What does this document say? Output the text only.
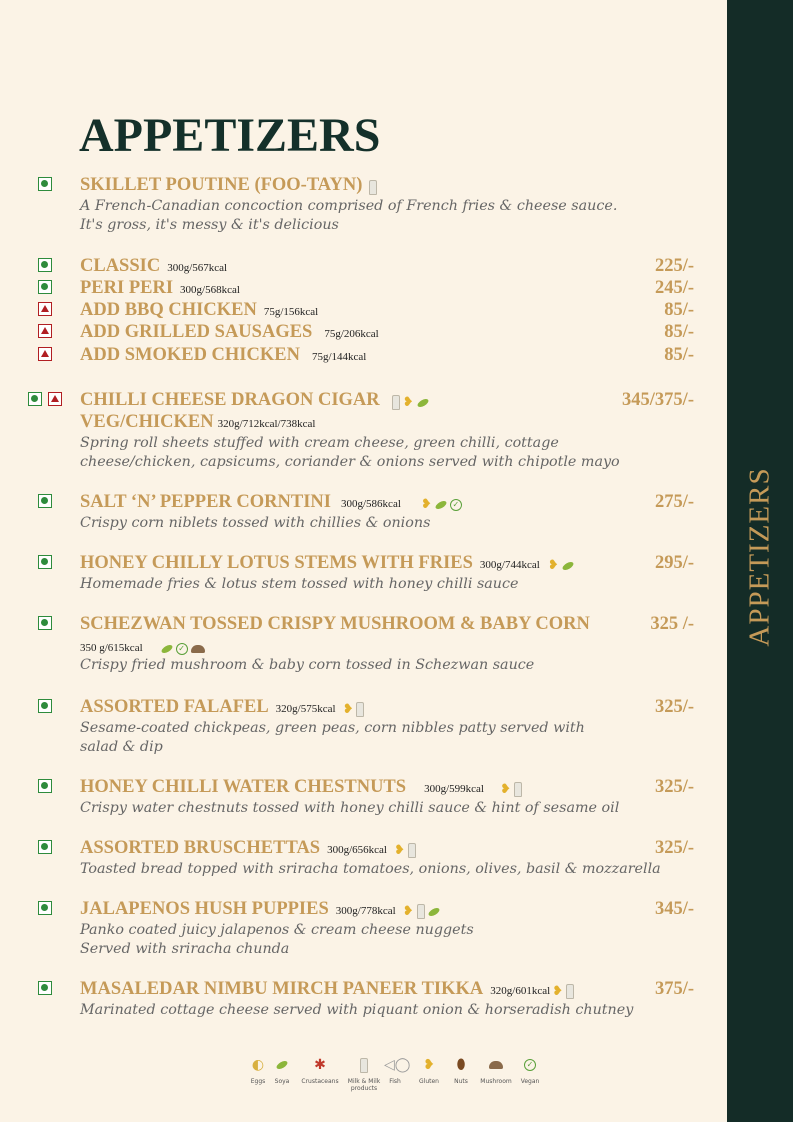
APPETIZERS
APPETIZERS
SKILLET POUTINE (FOO-TAYN)
A French-Canadian concoction comprised of French fries & cheese sauce.
It's gross, it's messy & it's delicious
CLASSIC 300g/567kcal	225/-
PERI PERI 300g/568kcal	245/-
ADD BBQ CHICKEN 75g/156kcal	85/-
ADD GRILLED SAUSAGES 75g/206kcal	85/-
ADD SMOKED CHICKEN 75g/144kcal	85/-
CHILLI CHEESE DRAGON CIGAR ❥	345/375/-
VEG/CHICKEN 320g/712kcal/738kcal
Spring roll sheets stuffed with cream cheese, green chilli, cottage
cheese/chicken, capsicums, coriander & onions served with chipotle mayo
SALT ‘N’ PEPPER CORNTINI 300g/586kcal ❥	✓	275/-
Crispy corn niblets tossed with chillies & onions
HONEY CHILLY LOTUS STEMS WITH FRIES 300g/744kcal ❥	295/-
Homemade fries & lotus stem tossed with honey chilli sauce
SCHEZWAN TOSSED CRISPY MUSHROOM & BABY CORN	325 /-
350 g/615kcal	✓
Crispy fried mushroom & baby corn tossed in Schezwan sauce
ASSORTED FALAFEL 320g/575kcal ❥	325/-
Sesame-coated chickpeas, green peas, corn nibbles patty served with
salad & dip
HONEY CHILLI WATER CHESTNUTS 300g/599kcal ❥	325/-
Crispy water chestnuts tossed with honey chilli sauce & hint of sesame oil
ASSORTED BRUSCHETTAS 300g/656kcal ❥	325/-
Toasted bread topped with sriracha tomatoes, onions, olives, basil & mozzarella
JALAPENOS HUSH PUPPIES 300g/778kcal ❥	345/-
Panko coated juicy jalapenos & cream cheese nuggets
Served with sriracha chunda
MASALEDAR NIMBU MIRCH PANEER TIKKA 320g/601kcal ❥	375/-
Marinated cottage cheese served with piquant onion & horseradish chutney
◐
Eggs	Soya
✱
Crustaceans	Milk & Milk products
◁◯
Fish
❥
Gluten
⬮
Nuts	Mushroom
✓
Vegan
